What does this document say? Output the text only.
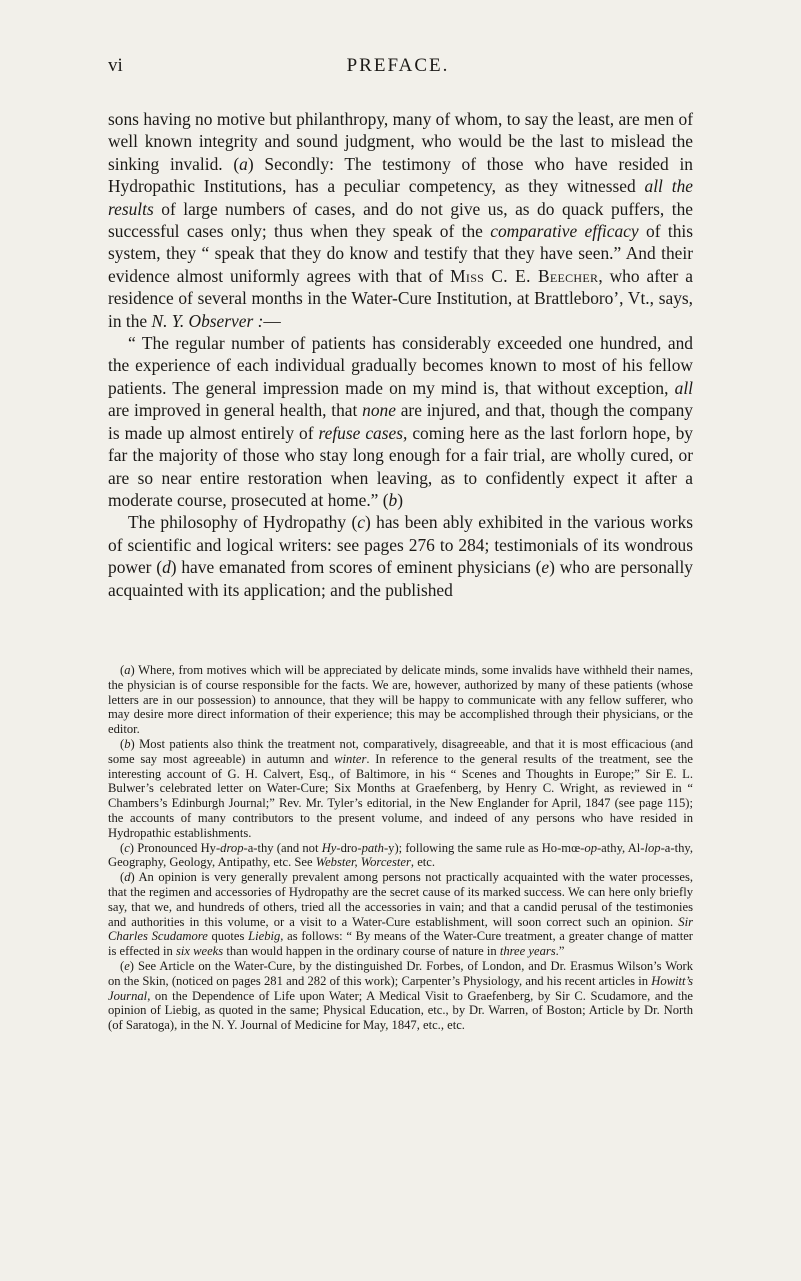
vi	PREFACE.

sons having no motive but philanthropy, many of whom, to say the least, are men of well known integrity and sound judgment, who would be the last to mislead the sinking invalid. (a) Secondly: The testimony of those who have resided in Hydropathic Institutions, has a peculiar competency, as they witnessed all the results of large numbers of cases, and do not give us, as do quack puffers, the successful cases only; thus when they speak of the comparative efficacy of this system, they “ speak that they do know and testify that they have seen.” And their evidence almost uniformly agrees with that of Miss C. E. Beecher, who after a residence of several months in the Water-Cure Institution, at Brattleboro’, Vt., says, in the N. Y. Observer :—

“ The regular number of patients has considerably exceeded one hundred, and the experience of each individual gradually becomes known to most of his fellow patients. The general impression made on my mind is, that without exception, all are improved in general health, that none are injured, and that, though the company is made up almost entirely of refuse cases, coming here as the last forlorn hope, by far the majority of those who stay long enough for a fair trial, are wholly cured, or are so near entire restoration when leaving, as to confidently expect it after a moderate course, prosecuted at home.” (b)

The philosophy of Hydropathy (c) has been ably exhibited in the various works of scientific and logical writers: see pages 276 to 284; testimonials of its wondrous power (d) have emanated from scores of eminent physicians (e) who are personally acquainted with its application; and the published

(a) Where, from motives which will be appreciated by delicate minds, some invalids have withheld their names, the physician is of course responsible for the facts. We are, however, authorized by many of these patients (whose letters are in our possession) to announce, that they will be happy to communicate with any fellow sufferer, who may desire more direct information of their experience; this may be accomplished through their physicians, or the editor.

(b) Most patients also think the treatment not, comparatively, disagreeable, and that it is most efficacious (and some say most agreeable) in autumn and winter. In reference to the general results of the treatment, see the interesting account of G. H. Calvert, Esq., of Baltimore, in his “ Scenes and Thoughts in Europe;” Sir E. L. Bulwer’s celebrated letter on Water-Cure; Six Months at Graefenberg, by Henry C. Wright, as reviewed in “ Chambers’s Edinburgh Journal;” Rev. Mr. Tyler’s editorial, in the New Englander for April, 1847 (see page 115); the accounts of many contributors to the present volume, and indeed of any persons who have resided in Hydropathic establishments.

(c) Pronounced Hy-drop-a-thy (and not Hy-dro-path-y); following the same rule as Ho-mœ-op-athy, Al-lop-a-thy, Geography, Geology, Antipathy, etc. See Webster, Worcester, etc.

(d) An opinion is very generally prevalent among persons not practically acquainted with the water processes, that the regimen and accessories of Hydropathy are the secret cause of its marked success. We can here only briefly say, that we, and hundreds of others, tried all the accessories in vain; and that a candid perusal of the testimonies and authorities in this volume, or a visit to a Water-Cure establishment, will soon correct such an opinion. Sir Charles Scudamore quotes Liebig, as follows: “ By means of the Water-Cure treatment, a greater change of matter is effected in six weeks than would happen in the ordinary course of nature in three years.”

(e) See Article on the Water-Cure, by the distinguished Dr. Forbes, of London, and Dr. Erasmus Wilson’s Work on the Skin, (noticed on pages 281 and 282 of this work); Carpenter’s Physiology, and his recent articles in Howitt’s Journal, on the Dependence of Life upon Water; A Medical Visit to Graefenberg, by Sir C. Scudamore, and the opinion of Liebig, as quoted in the same; Physical Education, etc., by Dr. Warren, of Boston; Article by Dr. North (of Saratoga), in the N. Y. Journal of Medicine for May, 1847, etc., etc.
